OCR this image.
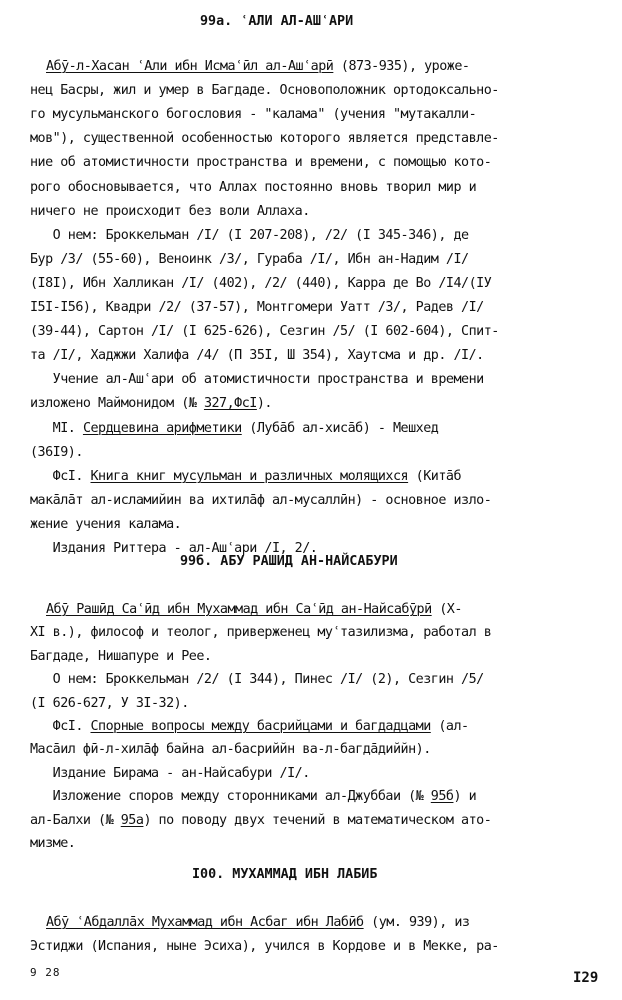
99а. ʿАЛИ АЛ-АШʿАРИ
Абӯ-л-Хасан ʿАли ибн Исмаʿӣл ал-Ашʿарӣ (873-935), уроже-
нец Басры, жил и умер в Багдаде. Основоположник ортодоксально-
го мусульманского богословия - "калама" (учения "мутакалли-
мов"), существенной особенностью которого является представле-
ние об атомистичности пространства и времени, с помощью кото-
рого обосновывается, что Аллах постоянно вновь творил мир и
ничего не происходит без воли Аллаха.
О нем: Броккельман /I/ (I 207-208), /2/ (I 345-346), де
Бур /3/ (55-60), Веноинк /3/, Гураба /I/, Ибн ан-Надим /I/
(I8I), Ибн Халликан /I/ (402), /2/ (440), Карра де Во /I4/(IУ
I5I-I56), Квадри /2/ (37-57), Монтгомери Уатт /3/, Радев /I/
(39-44), Сартон /I/ (I 625-626), Сезгин /5/ (I 602-604), Спит-
та /I/, Хаджжи Халифа /4/ (П 35I, Ш 354), Хаутсма и др. /I/.
Учение ал-Ашʿари об атомистичности пространства и времени
изложено Маймонидом (№ 327,ФсI).
МI. Сердцевина арифметики (Лубāб ал-хисāб) - Мешхед
(36I9).
ФсI. Книга книг мусульман и различных молящихся (Китāб
макāлāт ал-исламийин ва ихтилāф ал-мусаллӣн) - основное изло-
жение учения калама.
Издания Риттера - ал-Ашʿари /I, 2/.
99б. АБУ РАШИД АН-НАЙСАБУРИ
Абӯ Рашӣд Саʿӣд ибн Мухаммад ибн Саʿӣд ан-Найсабӯрӣ (X-
XI в.), философ и теолог, приверженец муʿтазилизма, работал в
Багдаде, Нишапуре и Рее.
О нем: Броккельман /2/ (I 344), Пинес /I/ (2), Сезгин /5/
(I 626-627, У 3I-32).
ФсI. Спорные вопросы между басрийцами и багдадцами (ал-
Масāил фӣ-л-хилāф байна ал-басриййн ва-л-багдāдиййн).
Издание Бирама - ан-Найсабури /I/.
Изложение споров между сторонниками ал-Джуббаи (№ 95б) и
ал-Балхи (№ 95а) по поводу двух течений в математическом ато-
мизме.
I00. МУХАММАД ИБН ЛАБИБ
Абӯ ʿАбдаллāх Мухаммад ибн Асбаг ибн Лабӣб (ум. 939), из
Эстиджи (Испания, ныне Эсиха), учился в Кордове и в Мекке, ра-
9 28	I29
